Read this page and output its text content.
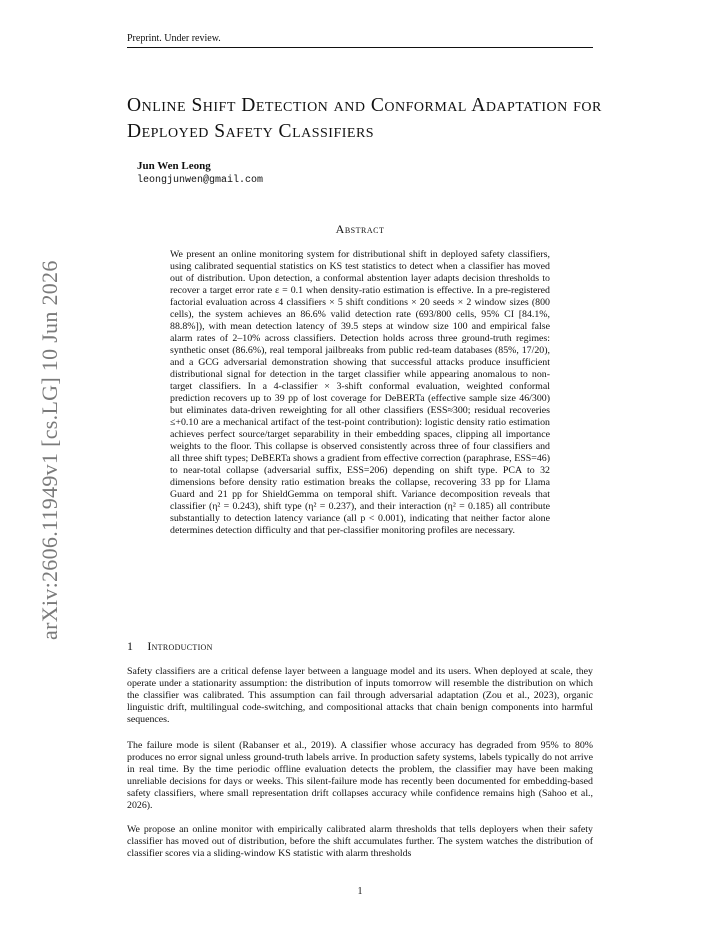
Preprint. Under review.
Online Shift Detection and Conformal Adaptation for Deployed Safety Classifiers
Jun Wen Leong
leongjunwen@gmail.com
Abstract
We present an online monitoring system for distributional shift in deployed safety classifiers, using calibrated sequential statistics on KS test statistics to detect when a classifier has moved out of distribution. Upon detection, a conformal abstention layer adapts decision thresholds to recover a target error rate ε = 0.1 when density-ratio estimation is effective. In a pre-registered factorial evaluation across 4 classifiers × 5 shift conditions × 20 seeds × 2 window sizes (800 cells), the system achieves an 86.6% valid detection rate (693/800 cells, 95% CI [84.1%, 88.8%]), with mean detection latency of 39.5 steps at window size 100 and empirical false alarm rates of 2–10% across classifiers. Detection holds across three ground-truth regimes: synthetic onset (86.6%), real temporal jailbreaks from public red-team databases (85%, 17/20), and a GCG adversarial demonstration showing that successful attacks produce insufficient distributional signal for detection in the target classifier while appearing anomalous to non-target classifiers. In a 4-classifier × 3-shift conformal evaluation, weighted conformal prediction recovers up to 39 pp of lost coverage for DeBERTa (effective sample size 46/300) but eliminates data-driven reweighting for all other classifiers (ESS≈300; residual recoveries ≤+0.10 are a mechanical artifact of the test-point contribution): logistic density ratio estimation achieves perfect source/target separability in their embedding spaces, clipping all importance weights to the floor. This collapse is observed consistently across three of four classifiers and all three shift types; DeBERTa shows a gradient from effective correction (paraphrase, ESS=46) to near-total collapse (adversarial suffix, ESS=206) depending on shift type. PCA to 32 dimensions before density ratio estimation breaks the collapse, recovering 33 pp for Llama Guard and 21 pp for ShieldGemma on temporal shift. Variance decomposition reveals that classifier (η² = 0.243), shift type (η² = 0.237), and their interaction (η² = 0.185) all contribute substantially to detection latency variance (all p < 0.001), indicating that neither factor alone determines detection difficulty and that per-classifier monitoring profiles are necessary.
1 Introduction

Safety classifiers are a critical defense layer between a language model and its users. When deployed at scale, they operate under a stationarity assumption: the distribution of inputs tomorrow will resemble the distribution on which the classifier was calibrated. This assumption can fail through adversarial adaptation (Zou et al., 2023), organic linguistic drift, multilingual code-switching, and compositional attacks that chain benign components into harmful sequences.

The failure mode is silent (Rabanser et al., 2019). A classifier whose accuracy has degraded from 95% to 80% produces no error signal unless ground-truth labels arrive. In production safety systems, labels typically do not arrive in real time. By the time periodic offline evaluation detects the problem, the classifier may have been making unreliable decisions for days or weeks. This silent-failure mode has recently been documented for embedding-based safety classifiers, where small representation drift collapses accuracy while confidence remains high (Sahoo et al., 2026).

We propose an online monitor with empirically calibrated alarm thresholds that tells deployers when their safety classifier has moved out of distribution, before the shift accumulates further. The system watches the distribution of classifier scores via a sliding-window KS statistic with alarm thresholds

arXiv:2606.11949v1 [cs.LG] 10 Jun 2026
1
